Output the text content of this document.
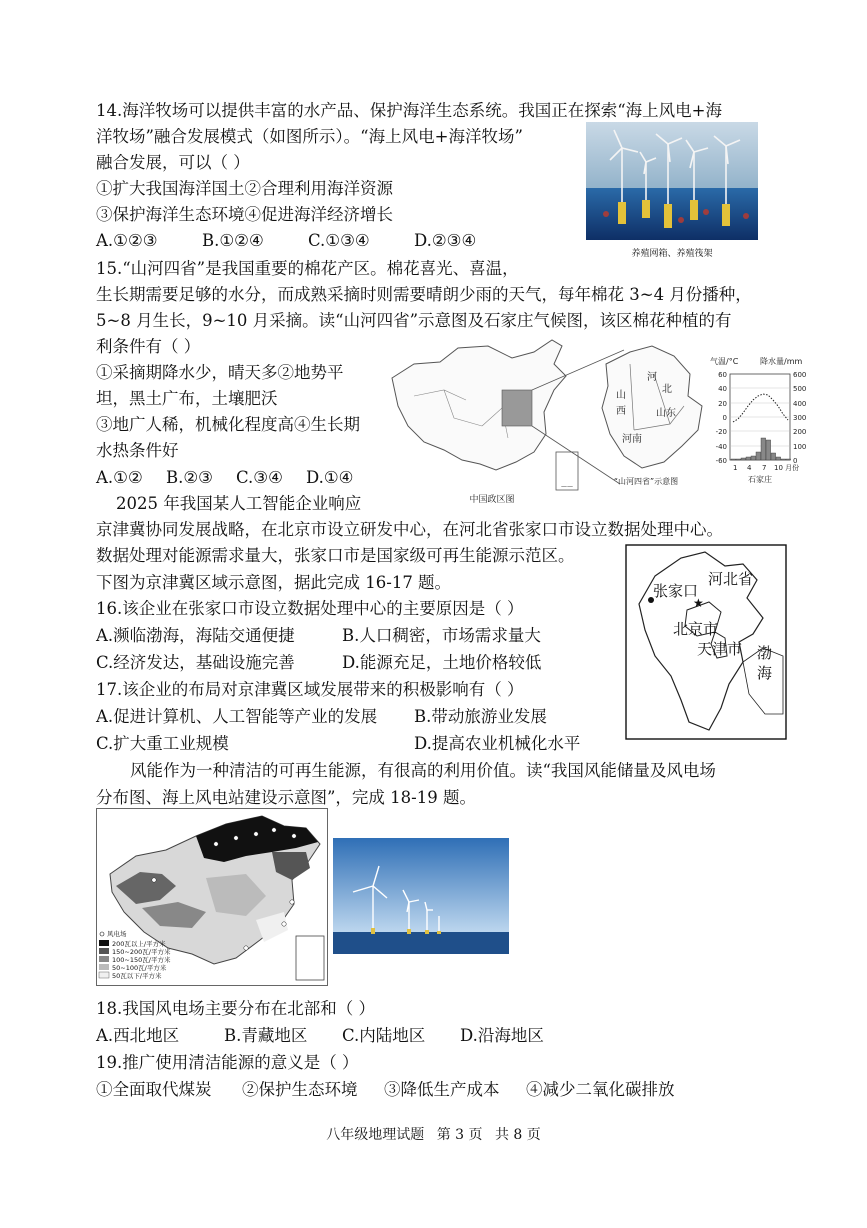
14.海洋牧场可以提供丰富的水产品、保护海洋生态系统。我国正在探索“海上风电+海
洋牧场”融合发展模式（如图所示）。“海上风电+海洋牧场”
融合发展，可以（ ）
①扩大我国海洋国土②合理利用海洋资源
③保护海洋生态环境④促进海洋经济增长
A.①②③	B.①②④	C.①③④	D.②③④
养殖网箱、养殖筏架
15.“山河四省”是我国重要的棉花产区。棉花喜光、喜温，
生长期需要足够的水分，而成熟采摘时则需要晴朗少雨的天气，每年棉花 3~4 月份播种，
5~8 月生长，9~10 月采摘。读“山河四省”示意图及石家庄气候图，该区棉花种植的有
利条件有（ ）
①采摘期降水少，晴天多②地势平
坦，黑土广布，土壤肥沃
③地广人稀，机械化程度高④生长期
水热条件好
A.①② B.②③ C.③④ D.①④	——
中国政区图
河
北
山
西	山东
河南
“山河四省”示意图
气温/°C	降水量/mm
60
40
20
0
-20
-40
-60
600
500
400
300
200
100
0
1 4 7 10 月份
石家庄
2025 年我国某人工智能企业响应
京津冀协同发展战略，在北京市设立研发中心，在河北省张家口市设立数据处理中心。
数据处理对能源需求量大，张家口市是国家级可再生能源示范区。
下图为京津冀区域示意图，据此完成 16-17 题。	河北省
张家口
★
北京市
天津市 渤
海
16.该企业在张家口市设立数据处理中心的主要原因是（ ）
A.濒临渤海，海陆交通便捷	B.人口稠密，市场需求量大
C.经济发达，基础设施完善	D.能源充足，土地价格较低
17.该企业的布局对京津冀区域发展带来的积极影响有（ ）
A.促进计算机、人工智能等产业的发展 B.带动旅游业发展
C.扩大重工业规模	D.提高农业机械化水平
风能作为一种清洁的可再生能源，有很高的利用价值。读“我国风能储量及风电场
分布图、海上风电站建设示意图”，完成 18-19 题。
风电场
200瓦以上/平方米
150~200瓦/平方米
100~150瓦/平方米
50~100瓦/平方米
50瓦以下/平方米
18.我国风电场主要分布在北部和（ ）
A.西北地区	B.青藏地区 C.内陆地区 D.沿海地区
19.推广使用清洁能源的意义是（ ）
①全面取代煤炭 ②保护生态环境 ③降低生产成本 ④减少二氧化碳排放
八年级地理试题 第 3 页 共 8 页
